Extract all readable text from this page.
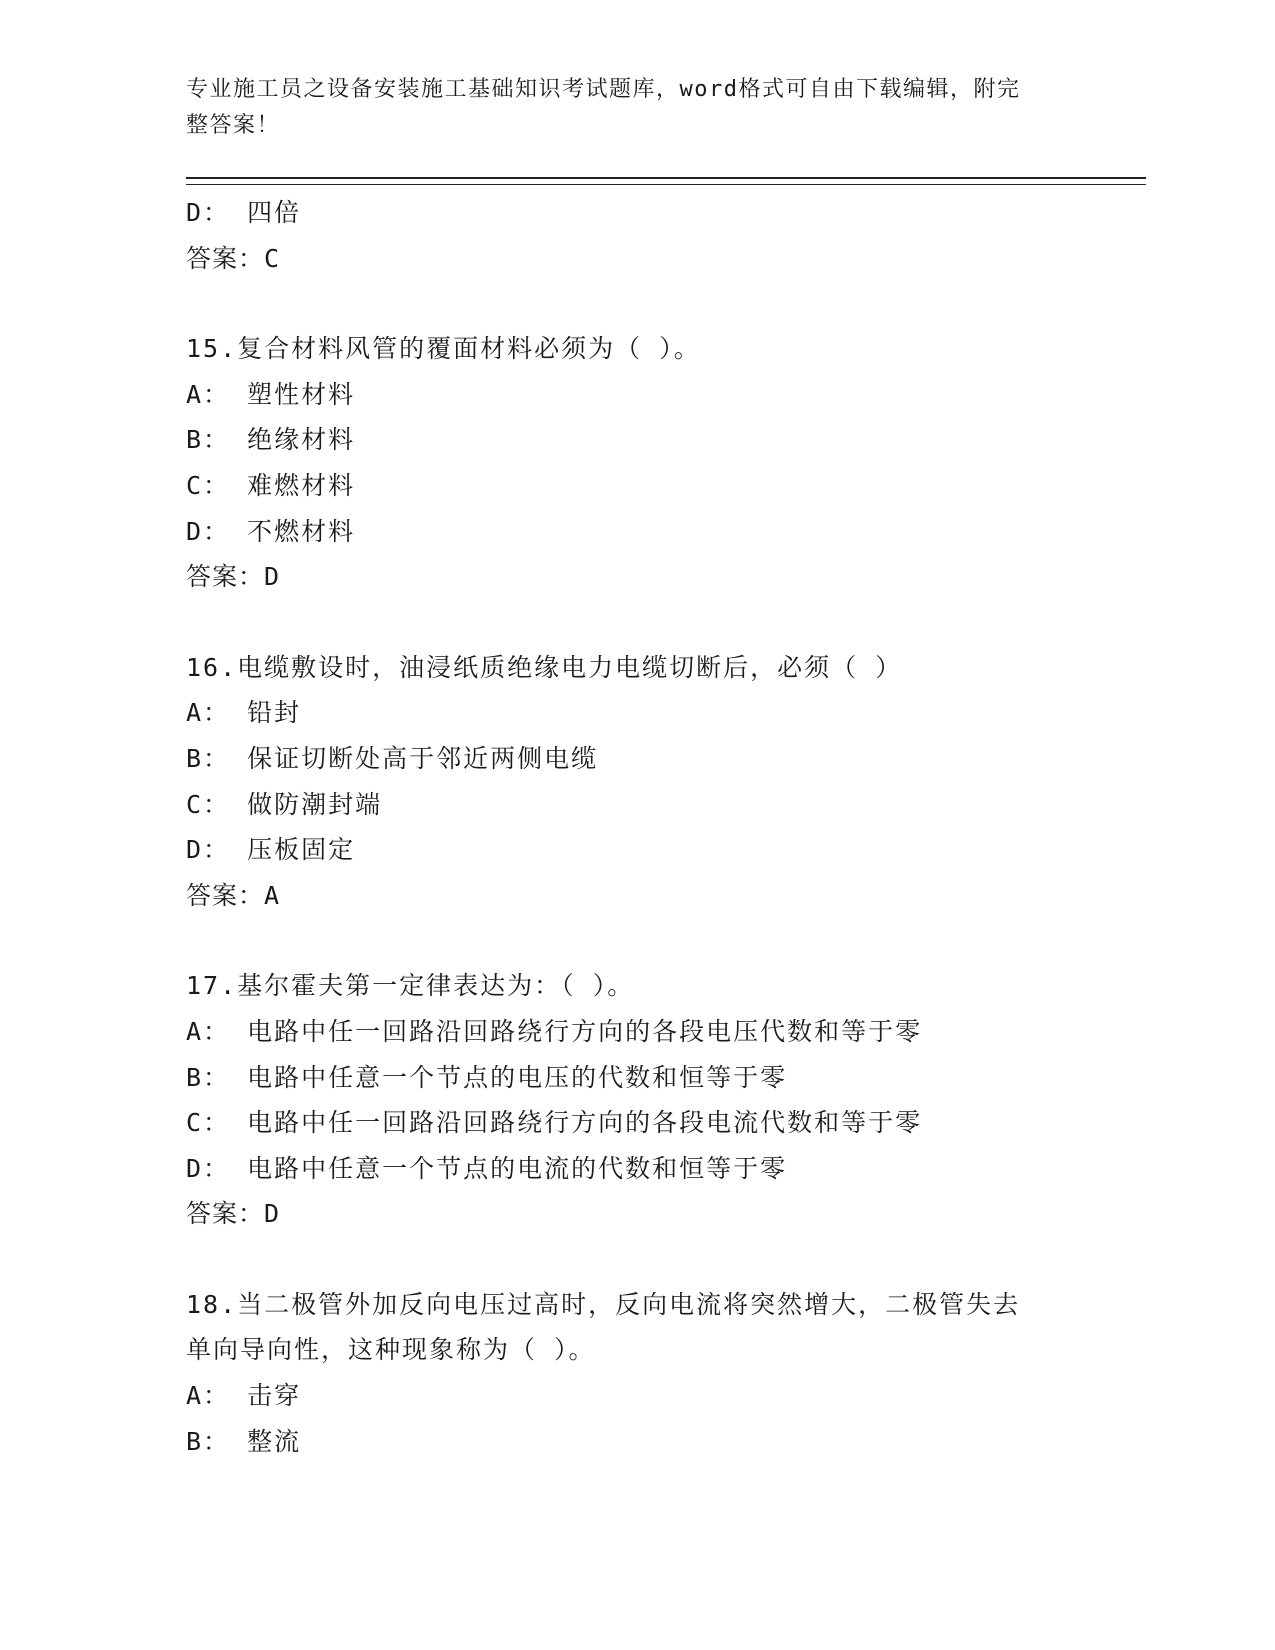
专业施工员之设备安装施工基础知识考试题库，word格式可自由下载编辑，附完
整答案！

D： 四倍

答案：C

15.复合材料风管的覆面材料必须为（ ）。

A： 塑性材料

B： 绝缘材料

C： 难燃材料

D： 不燃材料

答案：D

16.电缆敷设时，油浸纸质绝缘电力电缆切断后，必须（ ）

A： 铅封

B： 保证切断处高于邻近两侧电缆

C： 做防潮封端

D： 压板固定

答案：A

17.基尔霍夫第一定律表达为：（ ）。

A： 电路中任一回路沿回路绕行方向的各段电压代数和等于零

B： 电路中任意一个节点的电压的代数和恒等于零

C： 电路中任一回路沿回路绕行方向的各段电流代数和等于零

D： 电路中任意一个节点的电流的代数和恒等于零

答案：D

18.当二极管外加反向电压过高时，反向电流将突然增大，二极管失去

单向导向性，这种现象称为（ ）。

A： 击穿

B： 整流
